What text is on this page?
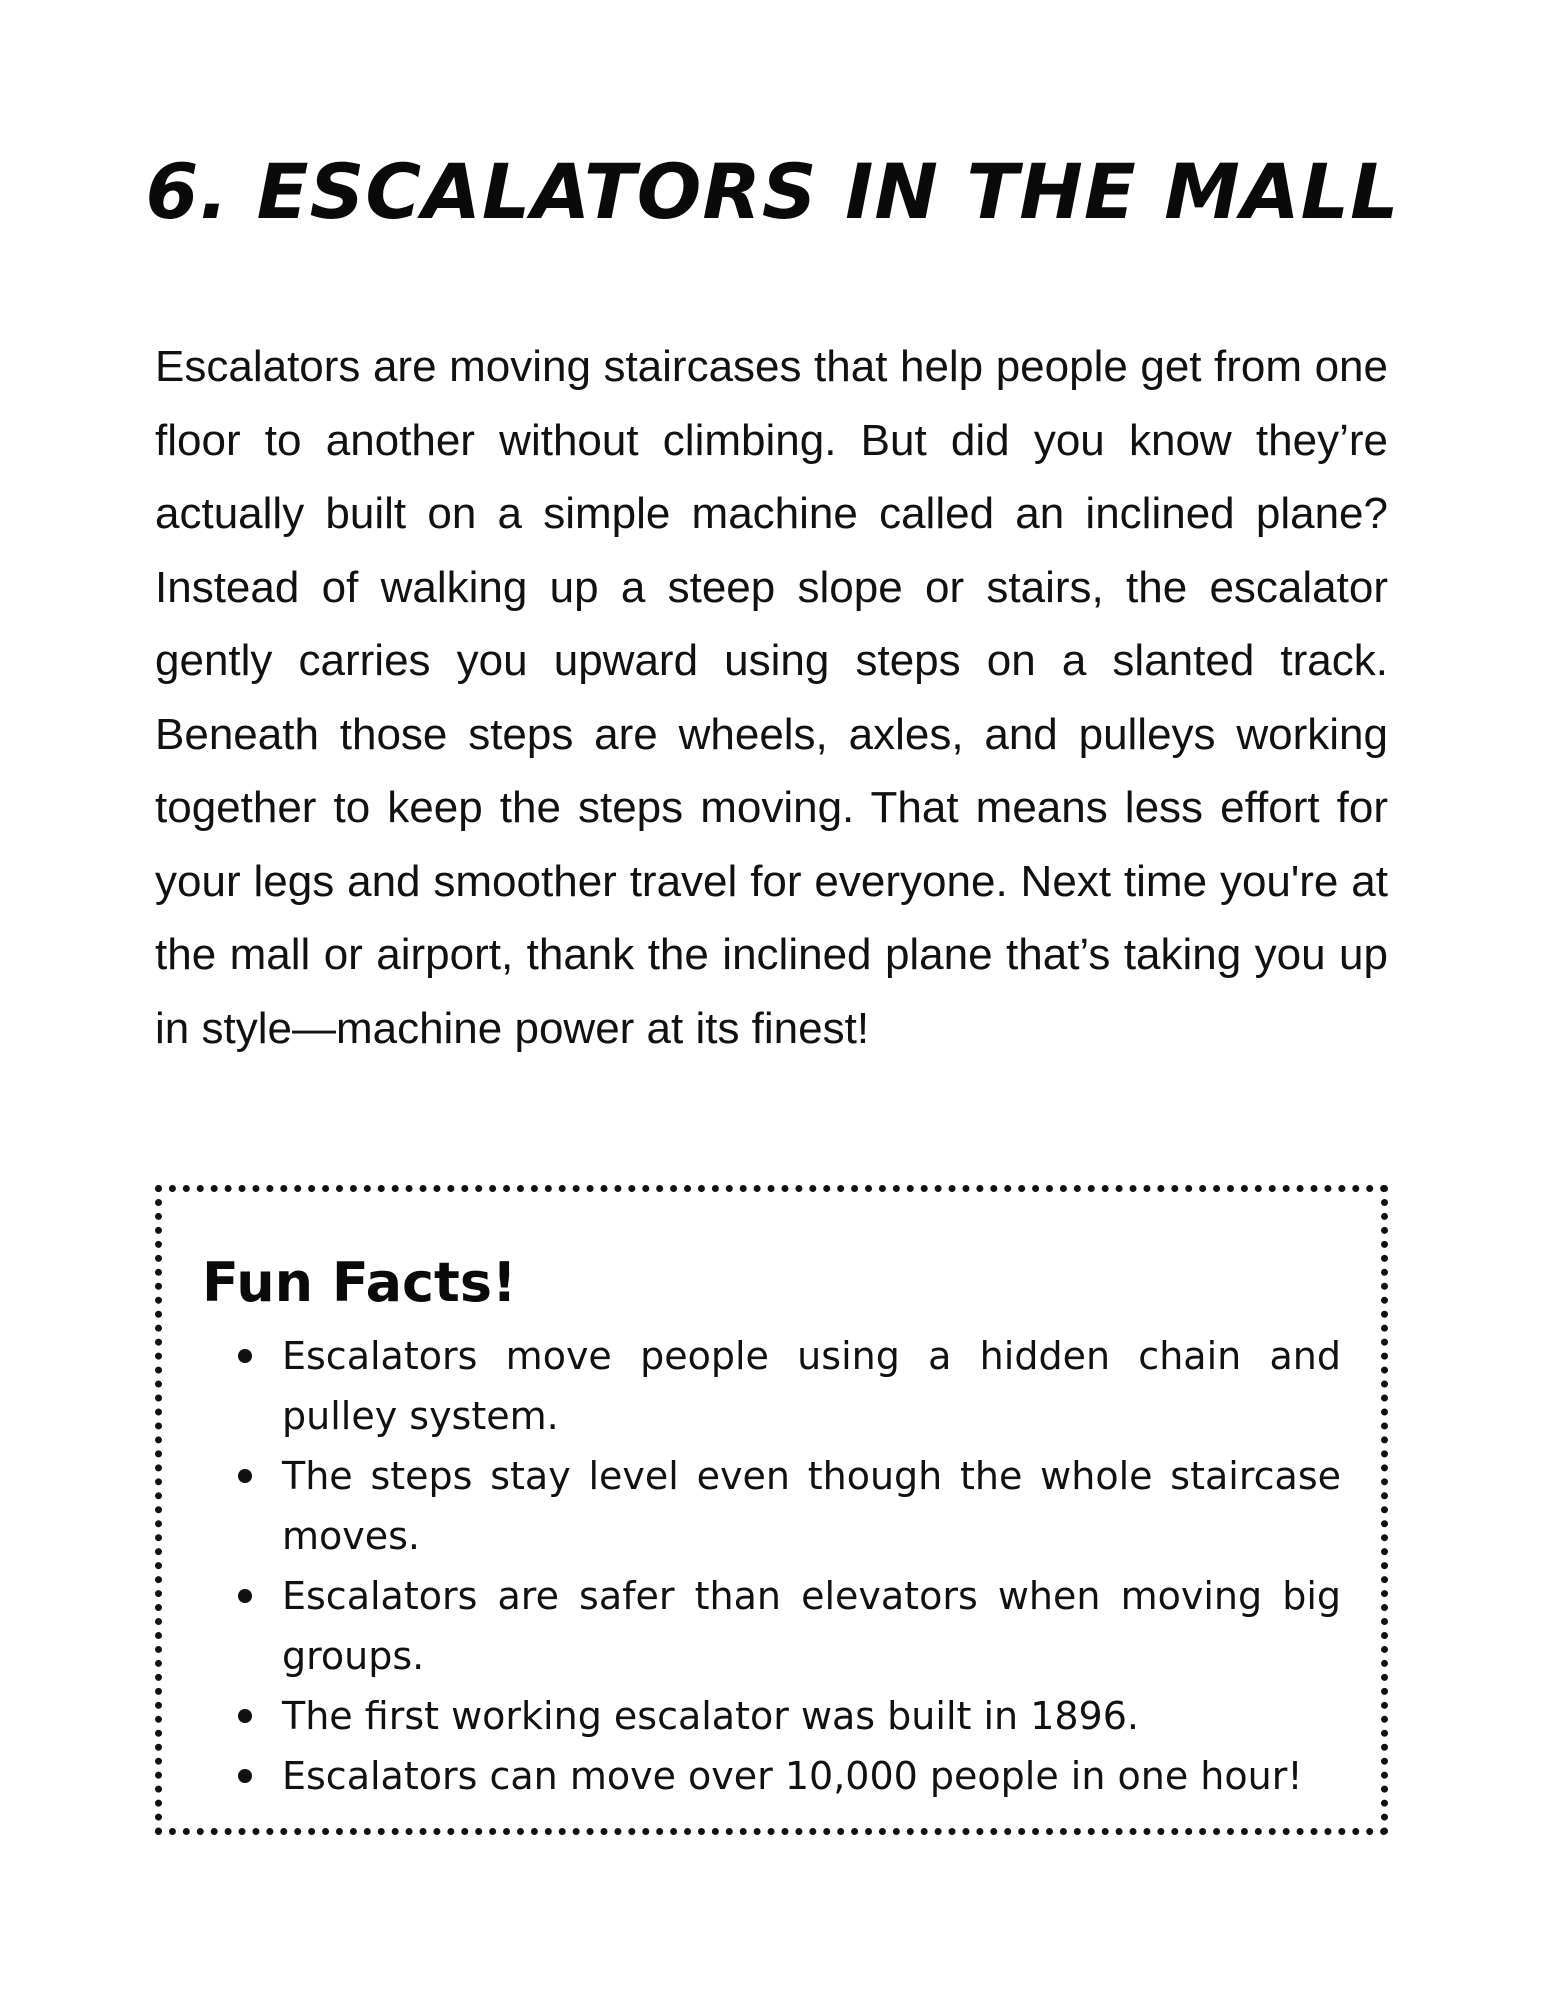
6. ESCALATORS IN THE MALL

Escalators are moving staircases that help people get from one floor to another without climbing. But did you know they’re actually built on a simple machine called an inclined plane? Instead of walking up a steep slope or stairs, the escalator gently carries you upward using steps on a slanted track. Beneath those steps are wheels, axles, and pulleys working together to keep the steps moving. That means less effort for your legs and smoother travel for everyone. Next time you're at the mall or airport, thank the inclined plane that’s taking you up in style—machine power at its finest!

Fun Facts!
Escalators move people using a hidden chain and pulley system.
The steps stay level even though the whole staircase moves.
Escalators are safer than elevators when moving big groups.
The first working escalator was built in 1896.
Escalators can move over 10,000 people in one hour!
